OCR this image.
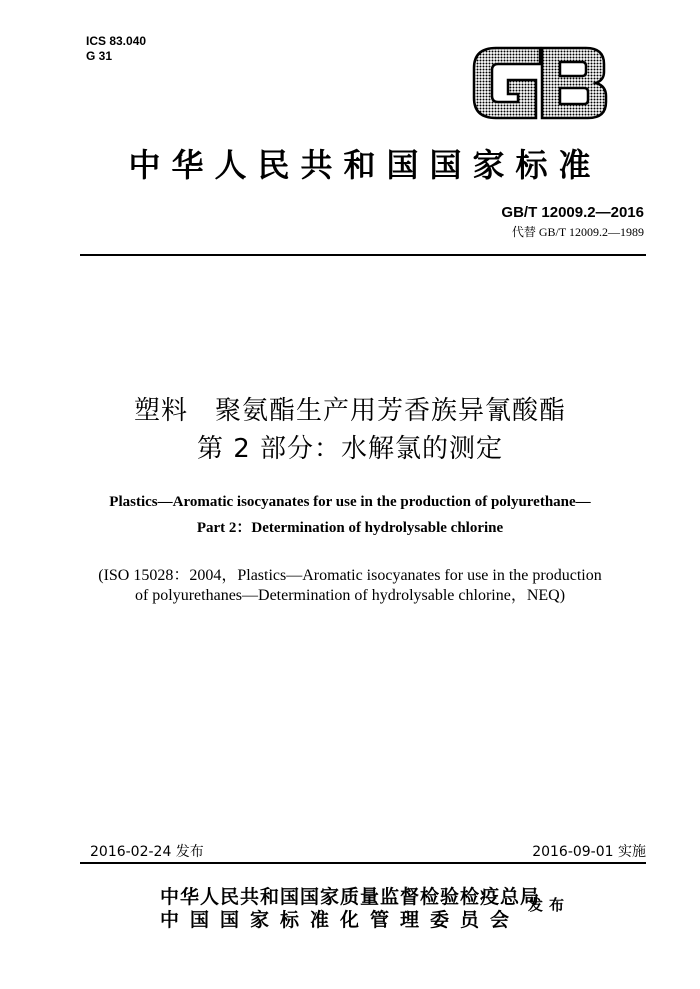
ICS 83.040
G 31
中华人民共和国国家标准
GB/T 12009.2—2016
代替 GB/T 12009.2—1989
塑料　聚氨酯生产用芳香族异氰酸酯
第 2 部分：水解氯的测定
Plastics—Aromatic isocyanates for use in the production of polyurethane—
Part 2：Determination of hydrolysable chlorine
(ISO 15028：2004，Plastics—Aromatic isocyanates for use in the production
of polyurethanes—Determination of hydrolysable chlorine，NEQ)
2016-02-24 发布	2016-09-01 实施
中华人民共和国国家质量监督检验检疫总局
中国国家标准化管理委员会
发布
